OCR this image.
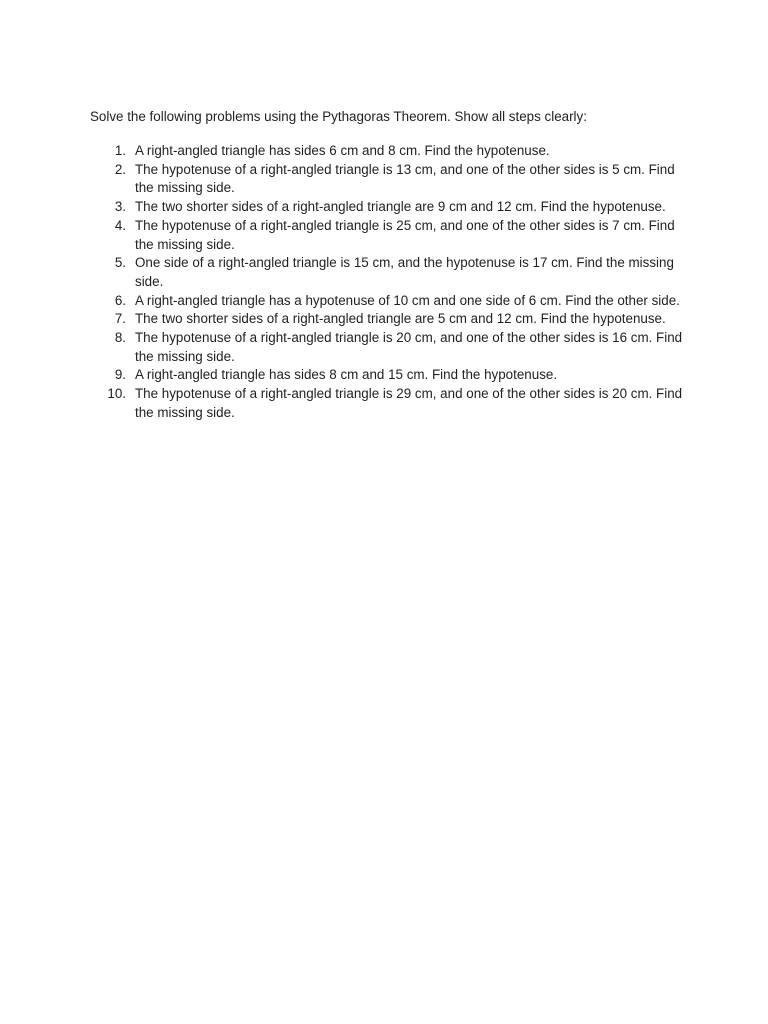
Solve the following problems using the Pythagoras Theorem. Show all steps clearly:

1. A right-angled triangle has sides 6 cm and 8 cm. Find the hypotenuse.
2. The hypotenuse of a right-angled triangle is 13 cm, and one of the other sides is 5 cm. Find the missing side.
3. The two shorter sides of a right-angled triangle are 9 cm and 12 cm. Find the hypotenuse.
4. The hypotenuse of a right-angled triangle is 25 cm, and one of the other sides is 7 cm. Find the missing side.
5. One side of a right-angled triangle is 15 cm, and the hypotenuse is 17 cm. Find the missing side.
6. A right-angled triangle has a hypotenuse of 10 cm and one side of 6 cm. Find the other side.
7. The two shorter sides of a right-angled triangle are 5 cm and 12 cm. Find the hypotenuse.
8. The hypotenuse of a right-angled triangle is 20 cm, and one of the other sides is 16 cm. Find the missing side.
9. A right-angled triangle has sides 8 cm and 15 cm. Find the hypotenuse.
10. The hypotenuse of a right-angled triangle is 29 cm, and one of the other sides is 20 cm. Find the missing side.
